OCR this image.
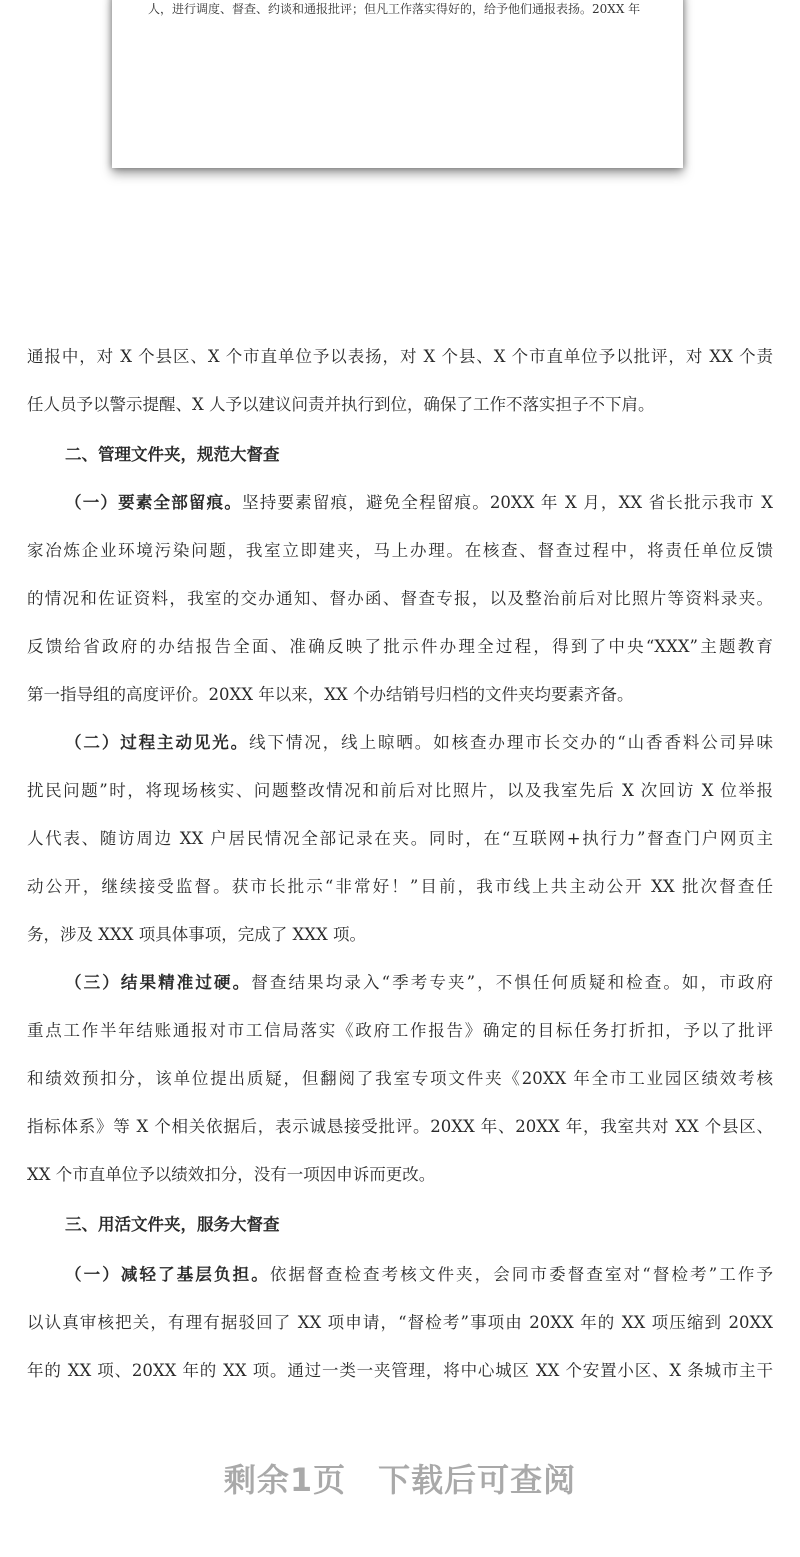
人，进行调度、督查、约谈和通报批评；但凡工作落实得好的，给予他们通报表扬。20XX 年
通报中，对 X 个县区、X 个市直单位予以表扬，对 X 个县、X 个市直单位予以批评，对 XX 个责
任人员予以警示提醒、X 人予以建议问责并执行到位，确保了工作不落实担子不下肩。
二、管理文件夹，规范大督查
（一）要素全部留痕。坚持要素留痕，避免全程留痕。20XX 年 X 月，XX 省长批示我市 X
家冶炼企业环境污染问题，我室立即建夹，马上办理。在核查、督查过程中，将责任单位反馈
的情况和佐证资料，我室的交办通知、督办函、督查专报，以及整治前后对比照片等资料录夹。
反馈给省政府的办结报告全面、准确反映了批示件办理全过程，得到了中央“XXX”主题教育
第一指导组的高度评价。20XX 年以来，XX 个办结销号归档的文件夹均要素齐备。
（二）过程主动见光。线下情况，线上晾晒。如核查办理市长交办的“山香香料公司异味
扰民问题”时，将现场核实、问题整改情况和前后对比照片，以及我室先后 X 次回访 X 位举报
人代表、随访周边 XX 户居民情况全部记录在夹。同时，在“互联网+执行力”督查门户网页主
动公开，继续接受监督。获市长批示“非常好！”目前，我市线上共主动公开 XX 批次督查任
务，涉及 XXX 项具体事项，完成了 XXX 项。
（三）结果精准过硬。督查结果均录入“季考专夹”，不惧任何质疑和检查。如，市政府
重点工作半年结账通报对市工信局落实《政府工作报告》确定的目标任务打折扣，予以了批评
和绩效预扣分，该单位提出质疑，但翻阅了我室专项文件夹《20XX 年全市工业园区绩效考核
指标体系》等 X 个相关依据后，表示诚恳接受批评。20XX 年、20XX 年，我室共对 XX 个县区、
XX 个市直单位予以绩效扣分，没有一项因申诉而更改。
三、用活文件夹，服务大督查
（一）减轻了基层负担。依据督查检查考核文件夹，会同市委督查室对“督检考”工作予
以认真审核把关，有理有据驳回了 XX 项申请，“督检考”事项由 20XX 年的 XX 项压缩到 20XX
年的 XX 项、20XX 年的 XX 项。通过一类一夹管理，将中心城区 XX 个安置小区、X 条城市主干
剩余1页 下载后可查阅
